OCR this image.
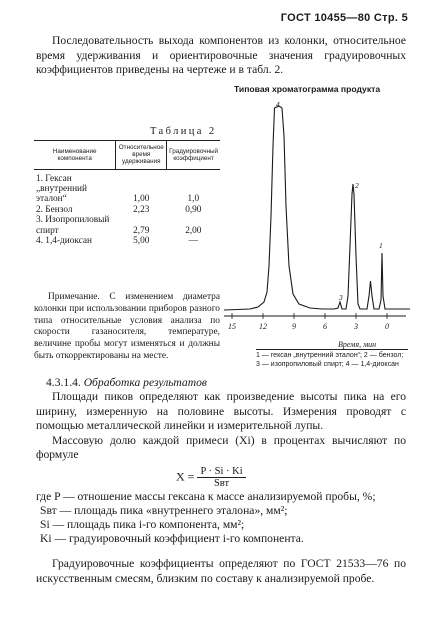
ГОСТ 10455—80 Стр. 5
Последовательность выхода компонентов из колонки, относительное время удерживания и ориентировочные значения градуировочных коэффициентов приведены на чертеже и в табл. 2.
Типовая хроматограмма продукта
Таблица 2
Наименование компонента	Относительное время удерживания	Градуировочный коэффициент
1. Гексан „внутренний эталон“	1,00	1,0
2. Бензол	2,23	0,90
3. Изопропиловый спирт	2,79	2,00
4. 1,4-диоксан	5,00	—
Примечание. С изменением диаметра колонки при использовании приборов разного типа относительные условия анализа по скорости газаносителя, температуре, величине пробы могут изменяться и должны быть откорректированы на месте.
15	12	9	6	3	0
4
2
3
1
Время, мин
1 — гексан „внутренний эталон“; 2 — бензол; 3 — изопропиловый спирт; 4 — 1,4-диоксан
4.3.1.4. Обработка результатов
Площади пиков определяют как произведение высоты пика на его ширину, измеренную на половине высоты. Измерения проводят с помощью металлической линейки и измерительной лупы.
Массовую долю каждой примеси (Xi) в процентах вычисляют по формуле
$X = \frac{P \cdot Si \cdot Ki}{\text{Sвт}}$
где P — отношение массы гексана к массе анализируемой пробы, %;
Sвт — площадь пика «внутреннего эталона», мм²;
Si — площадь пика i-го компонента, мм²;
Ki — градуировочный коэффициент i-го компонента.
Градуировочные коэффициенты определяют по ГОСТ 21533—76 по искусственным смесям, близким по составу к анализируемой пробе.
